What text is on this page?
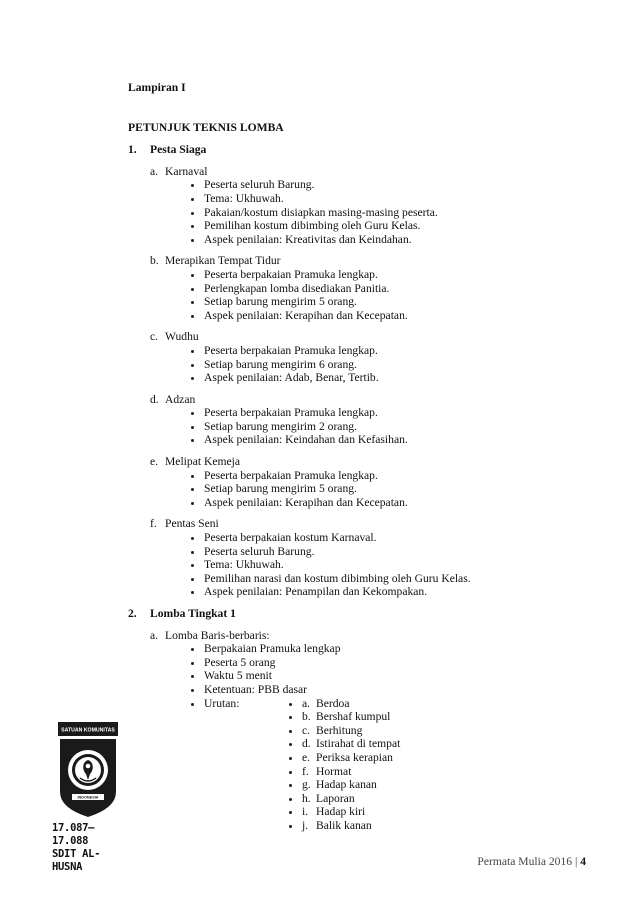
Lampiran I
PETUNJUK TEKNIS LOMBA
1.	Pesta Siaga
a. Karnaval
Peserta seluruh Barung.
Tema: Ukhuwah.
Pakaian/kostum disiapkan masing-masing peserta.
Pemilihan kostum dibimbing oleh Guru Kelas.
Aspek penilaian: Kreativitas dan Keindahan.
b. Merapikan Tempat Tidur
Peserta berpakaian Pramuka lengkap.
Perlengkapan lomba disediakan Panitia.
Setiap barung mengirim 5 orang.
Aspek penilaian: Kerapihan dan Kecepatan.
c. Wudhu
Peserta berpakaian Pramuka lengkap.
Setiap barung mengirim 6 orang.
Aspek penilaian: Adab, Benar, Tertib.
d. Adzan
Peserta berpakaian Pramuka lengkap.
Setiap barung mengirim 2 orang.
Aspek penilaian: Keindahan dan Kefasihan.
e. Melipat Kemeja
Peserta berpakaian Pramuka lengkap.
Setiap barung mengirim 5 orang.
Aspek penilaian: Kerapihan dan Kecepatan.
f. Pentas Seni
Peserta berpakaian kostum Karnaval.
Peserta seluruh Barung.
Tema: Ukhuwah.
Pemilihan narasi dan kostum dibimbing oleh Guru Kelas.
Aspek penilaian: Penampilan dan Kekompakan.
2.	Lomba Tingkat 1
a. Lomba Baris-berbaris:
Berpakaian Pramuka lengkap
Peserta 5 orang
Waktu 5 menit
Ketentuan: PBB dasar
Urutan:	a. Berdoa
b. Bershaf kumpul
c. Berhitung
d. Istirahat di tempat
e. Periksa kerapian
f. Hormat
g. Hadap kanan
h. Laporan
i. Hadap kiri
j. Balik kanan
SATUAN KOMUNITAS
INDONESIA
17.087–17.088
SDIT AL-HUSNA	Permata Mulia 2016 | 4
